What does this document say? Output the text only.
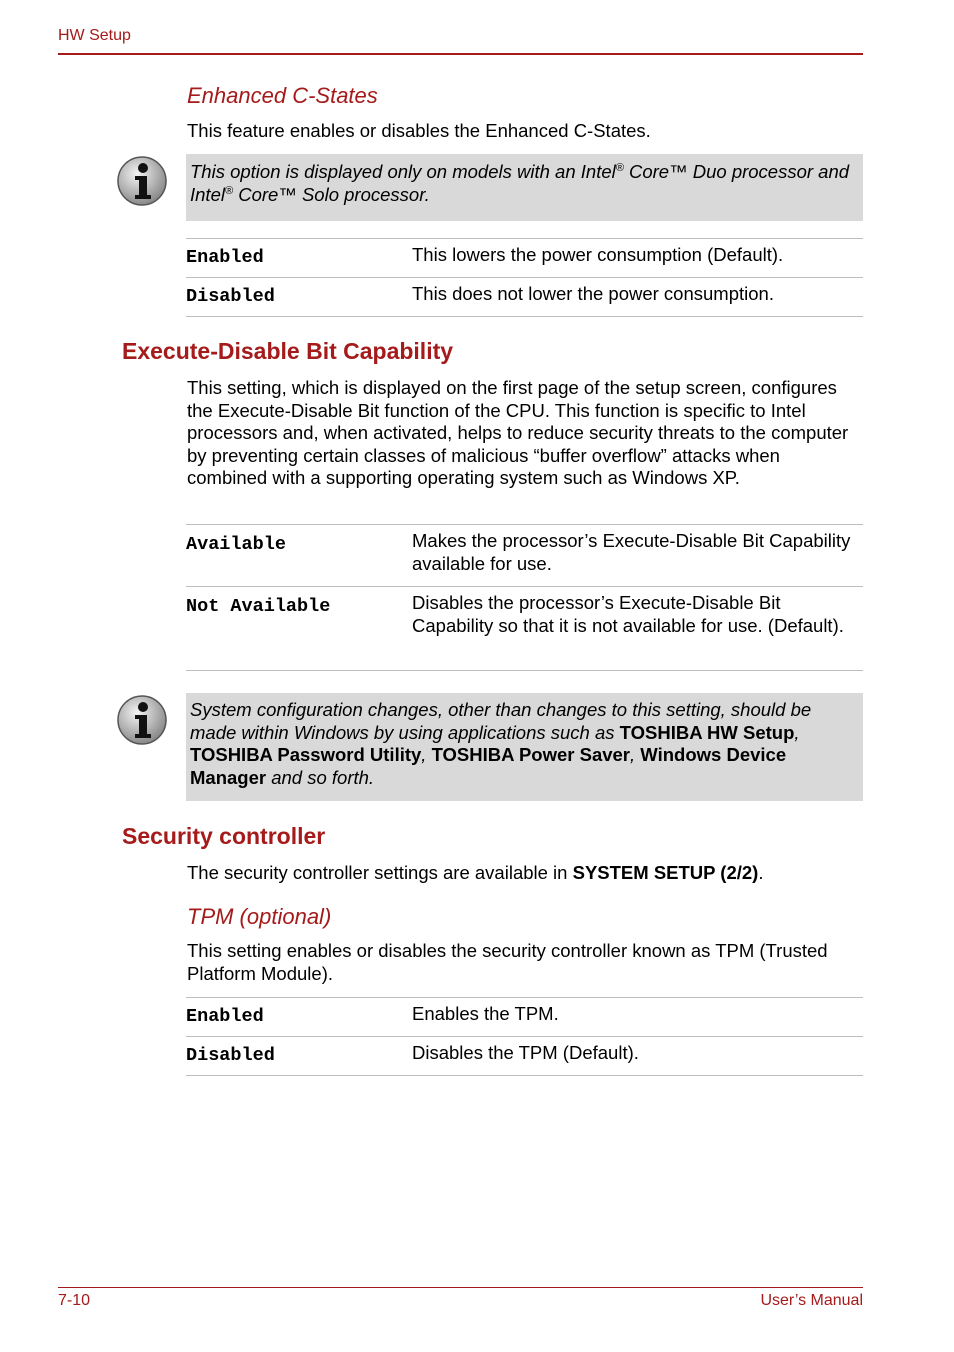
HW Setup
Enhanced C-States
This feature enables or disables the Enhanced C-States.
This option is displayed only on models with an Intel® Core™ Duo processor and Intel® Core™ Solo processor.
Enabled	This lowers the power consumption (Default).
Disabled	This does not lower the power consumption.
Execute-Disable Bit Capability
This setting, which is displayed on the first page of the setup screen, configures the Execute-Disable Bit function of the CPU. This function is specific to Intel processors and, when activated, helps to reduce security threats to the computer by preventing certain classes of malicious “buffer overflow” attacks when combined with a supporting operating system such as Windows XP.
Available	Makes the processor’s Execute-Disable Bit Capability available for use.
Not Available	Disables the processor’s Execute-Disable Bit Capability so that it is not available for use. (Default).
System configuration changes, other than changes to this setting, should be made within Windows by using applications such as TOSHIBA HW Setup, TOSHIBA Password Utility, TOSHIBA Power Saver, Windows Device Manager and so forth.
Security controller
The security controller settings are available in SYSTEM SETUP (2/2).
TPM (optional)
This setting enables or disables the security controller known as TPM (Trusted Platform Module).
Enabled	Enables the TPM.
Disabled	Disables the TPM (Default).
7-10	User’s Manual
